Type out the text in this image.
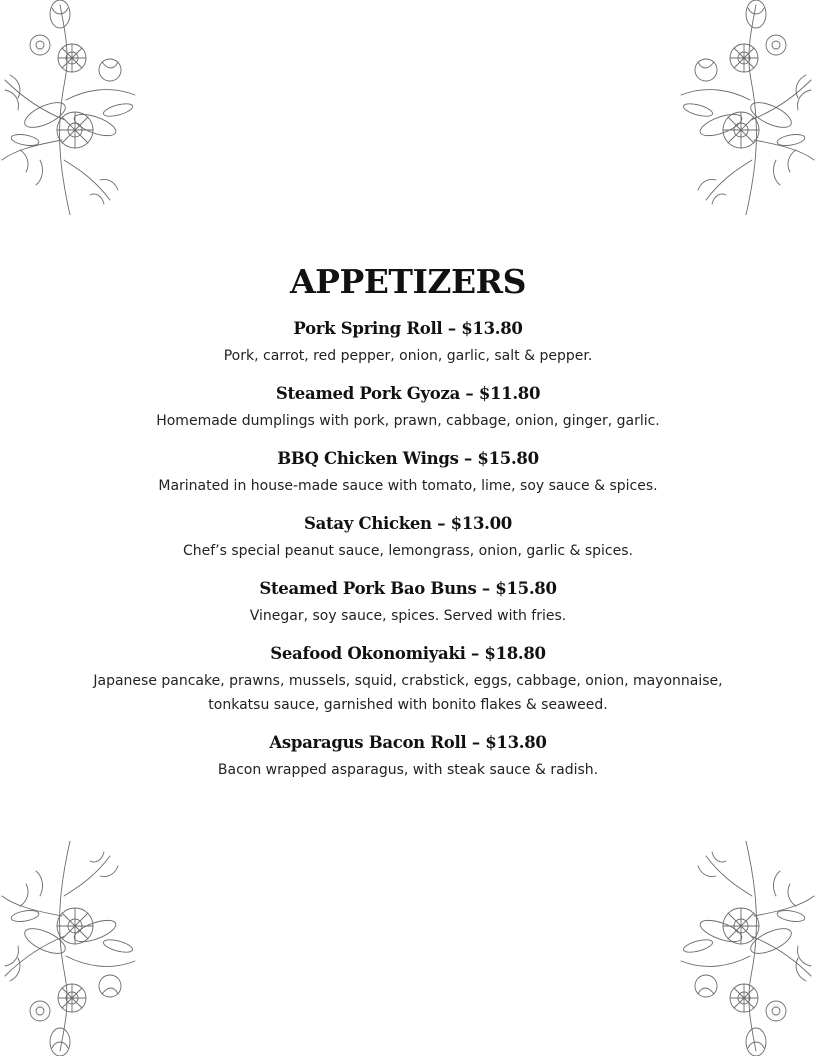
APPETIZERS
Pork Spring Roll – $13.80
Pork, carrot, red pepper, onion, garlic, salt & pepper.
Steamed Pork Gyoza – $11.80
Homemade dumplings with pork, prawn, cabbage, onion, ginger, garlic.
BBQ Chicken Wings – $15.80
Marinated in house-made sauce with tomato, lime, soy sauce & spices.
Satay Chicken – $13.00
Chef’s special peanut sauce, lemongrass, onion, garlic & spices.
Steamed Pork Bao Buns – $15.80
Vinegar, soy sauce, spices. Served with fries.
Seafood Okonomiyaki – $18.80
Japanese pancake, prawns, mussels, squid, crabstick, eggs, cabbage, onion, mayonnaise, tonkatsu sauce, garnished with bonito flakes & seaweed.
Asparagus Bacon Roll – $13.80
Bacon wrapped asparagus, with steak sauce & radish.
